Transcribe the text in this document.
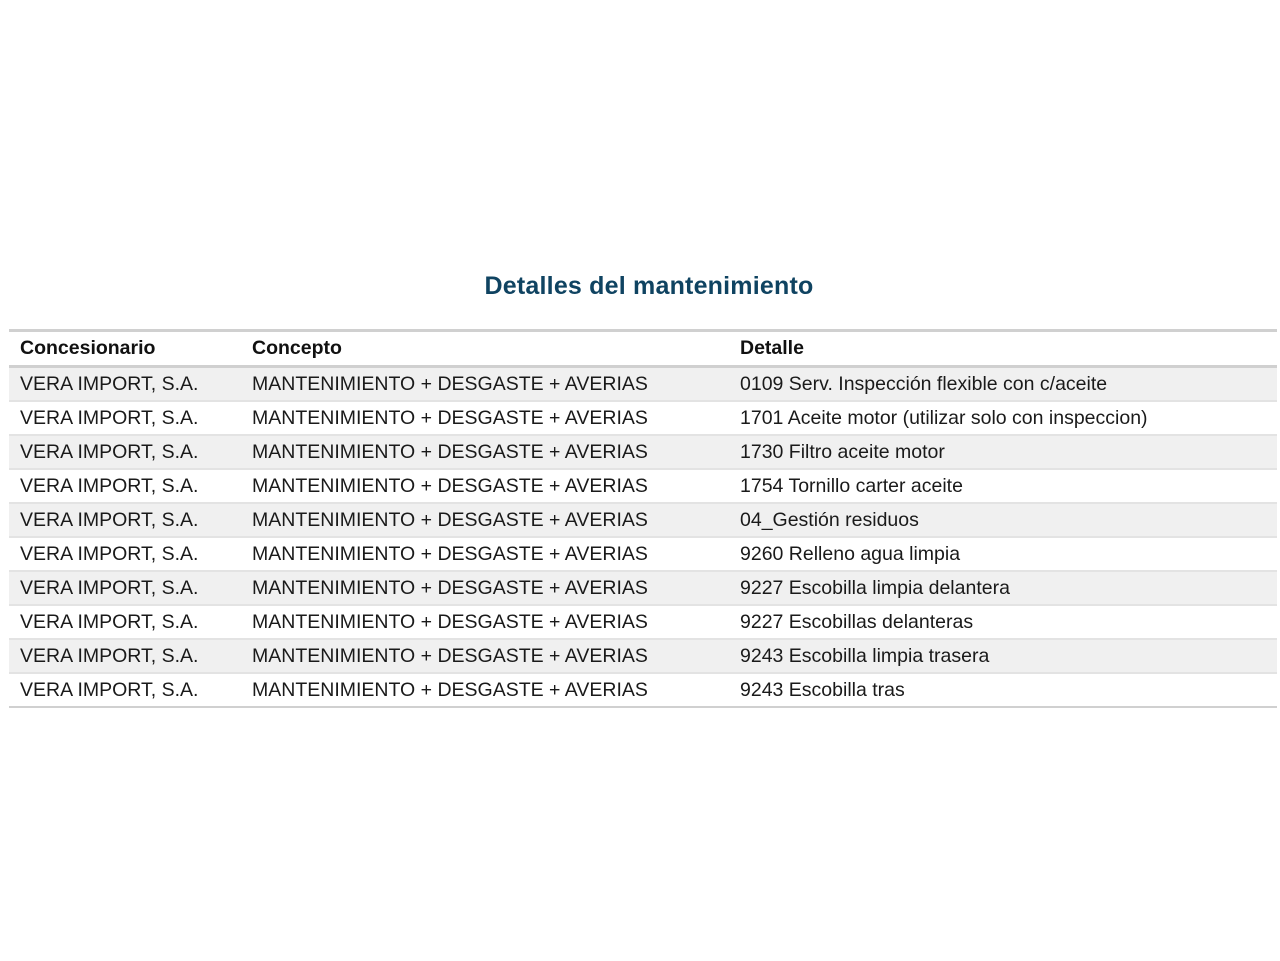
Detalles del mantenimiento
Concesionario	Concepto	Detalle
VERA IMPORT, S.A.	MANTENIMIENTO + DESGASTE + AVERIAS	0109 Serv. Inspección flexible con c/aceite
VERA IMPORT, S.A.	MANTENIMIENTO + DESGASTE + AVERIAS	1701 Aceite motor (utilizar solo con inspeccion)
VERA IMPORT, S.A.	MANTENIMIENTO + DESGASTE + AVERIAS	1730 Filtro aceite motor
VERA IMPORT, S.A.	MANTENIMIENTO + DESGASTE + AVERIAS	1754 Tornillo carter aceite
VERA IMPORT, S.A.	MANTENIMIENTO + DESGASTE + AVERIAS	04_Gestión residuos
VERA IMPORT, S.A.	MANTENIMIENTO + DESGASTE + AVERIAS	9260 Relleno agua limpia
VERA IMPORT, S.A.	MANTENIMIENTO + DESGASTE + AVERIAS	9227 Escobilla limpia delantera
VERA IMPORT, S.A.	MANTENIMIENTO + DESGASTE + AVERIAS	9227 Escobillas delanteras
VERA IMPORT, S.A.	MANTENIMIENTO + DESGASTE + AVERIAS	9243 Escobilla limpia trasera
VERA IMPORT, S.A.	MANTENIMIENTO + DESGASTE + AVERIAS	9243 Escobilla tras
